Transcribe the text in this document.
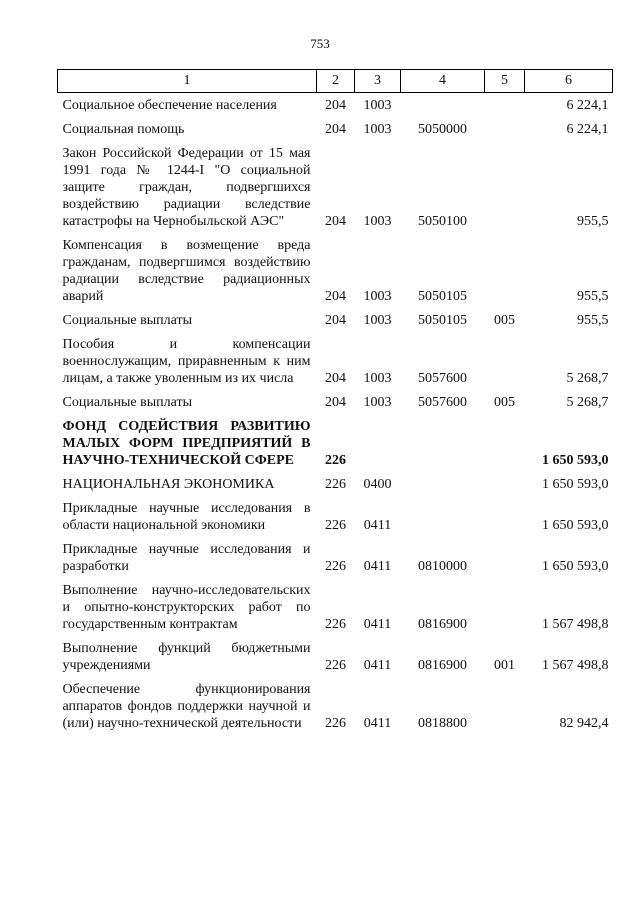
753
1	2	3	4	5	6
Социальное обеспечение населения	204	1003			6 224,1
Социальная помощь	204	1003	5050000		6 224,1
Закон Российской Федерации от 15 мая 1991 года № 1244-I "О социальной защите граждан, подвергшихся воздействию радиации вследствие катастрофы на Чернобыльской АЭС"	204	1003	5050100		955,5
Компенсация в возмещение вреда гражданам, подвергшимся воздействию радиации вследствие радиационных аварий	204	1003	5050105		955,5
Социальные выплаты	204	1003	5050105	005	955,5
Пособия и компенсации военнослужащим, приравненным к ним лицам, а также уволенным из их числа	204	1003	5057600		5 268,7
Социальные выплаты	204	1003	5057600	005	5 268,7
ФОНД СОДЕЙСТВИЯ РАЗВИТИЮ МАЛЫХ ФОРМ ПРЕДПРИЯТИЙ В НАУЧНО-ТЕХНИЧЕСКОЙ СФЕРЕ	226				1 650 593,0
НАЦИОНАЛЬНАЯ ЭКОНОМИКА	226	0400			1 650 593,0
Прикладные научные исследования в области национальной экономики	226	0411			1 650 593,0
Прикладные научные исследования и разработки	226	0411	0810000		1 650 593,0
Выполнение научно-исследовательских и опытно-конструкторских работ по государственным контрактам	226	0411	0816900		1 567 498,8
Выполнение функций бюджетными учреждениями	226	0411	0816900	001	1 567 498,8
Обеспечение функционирования аппаратов фондов поддержки научной и (или) научно-технической деятельности	226	0411	0818800		82 942,4
